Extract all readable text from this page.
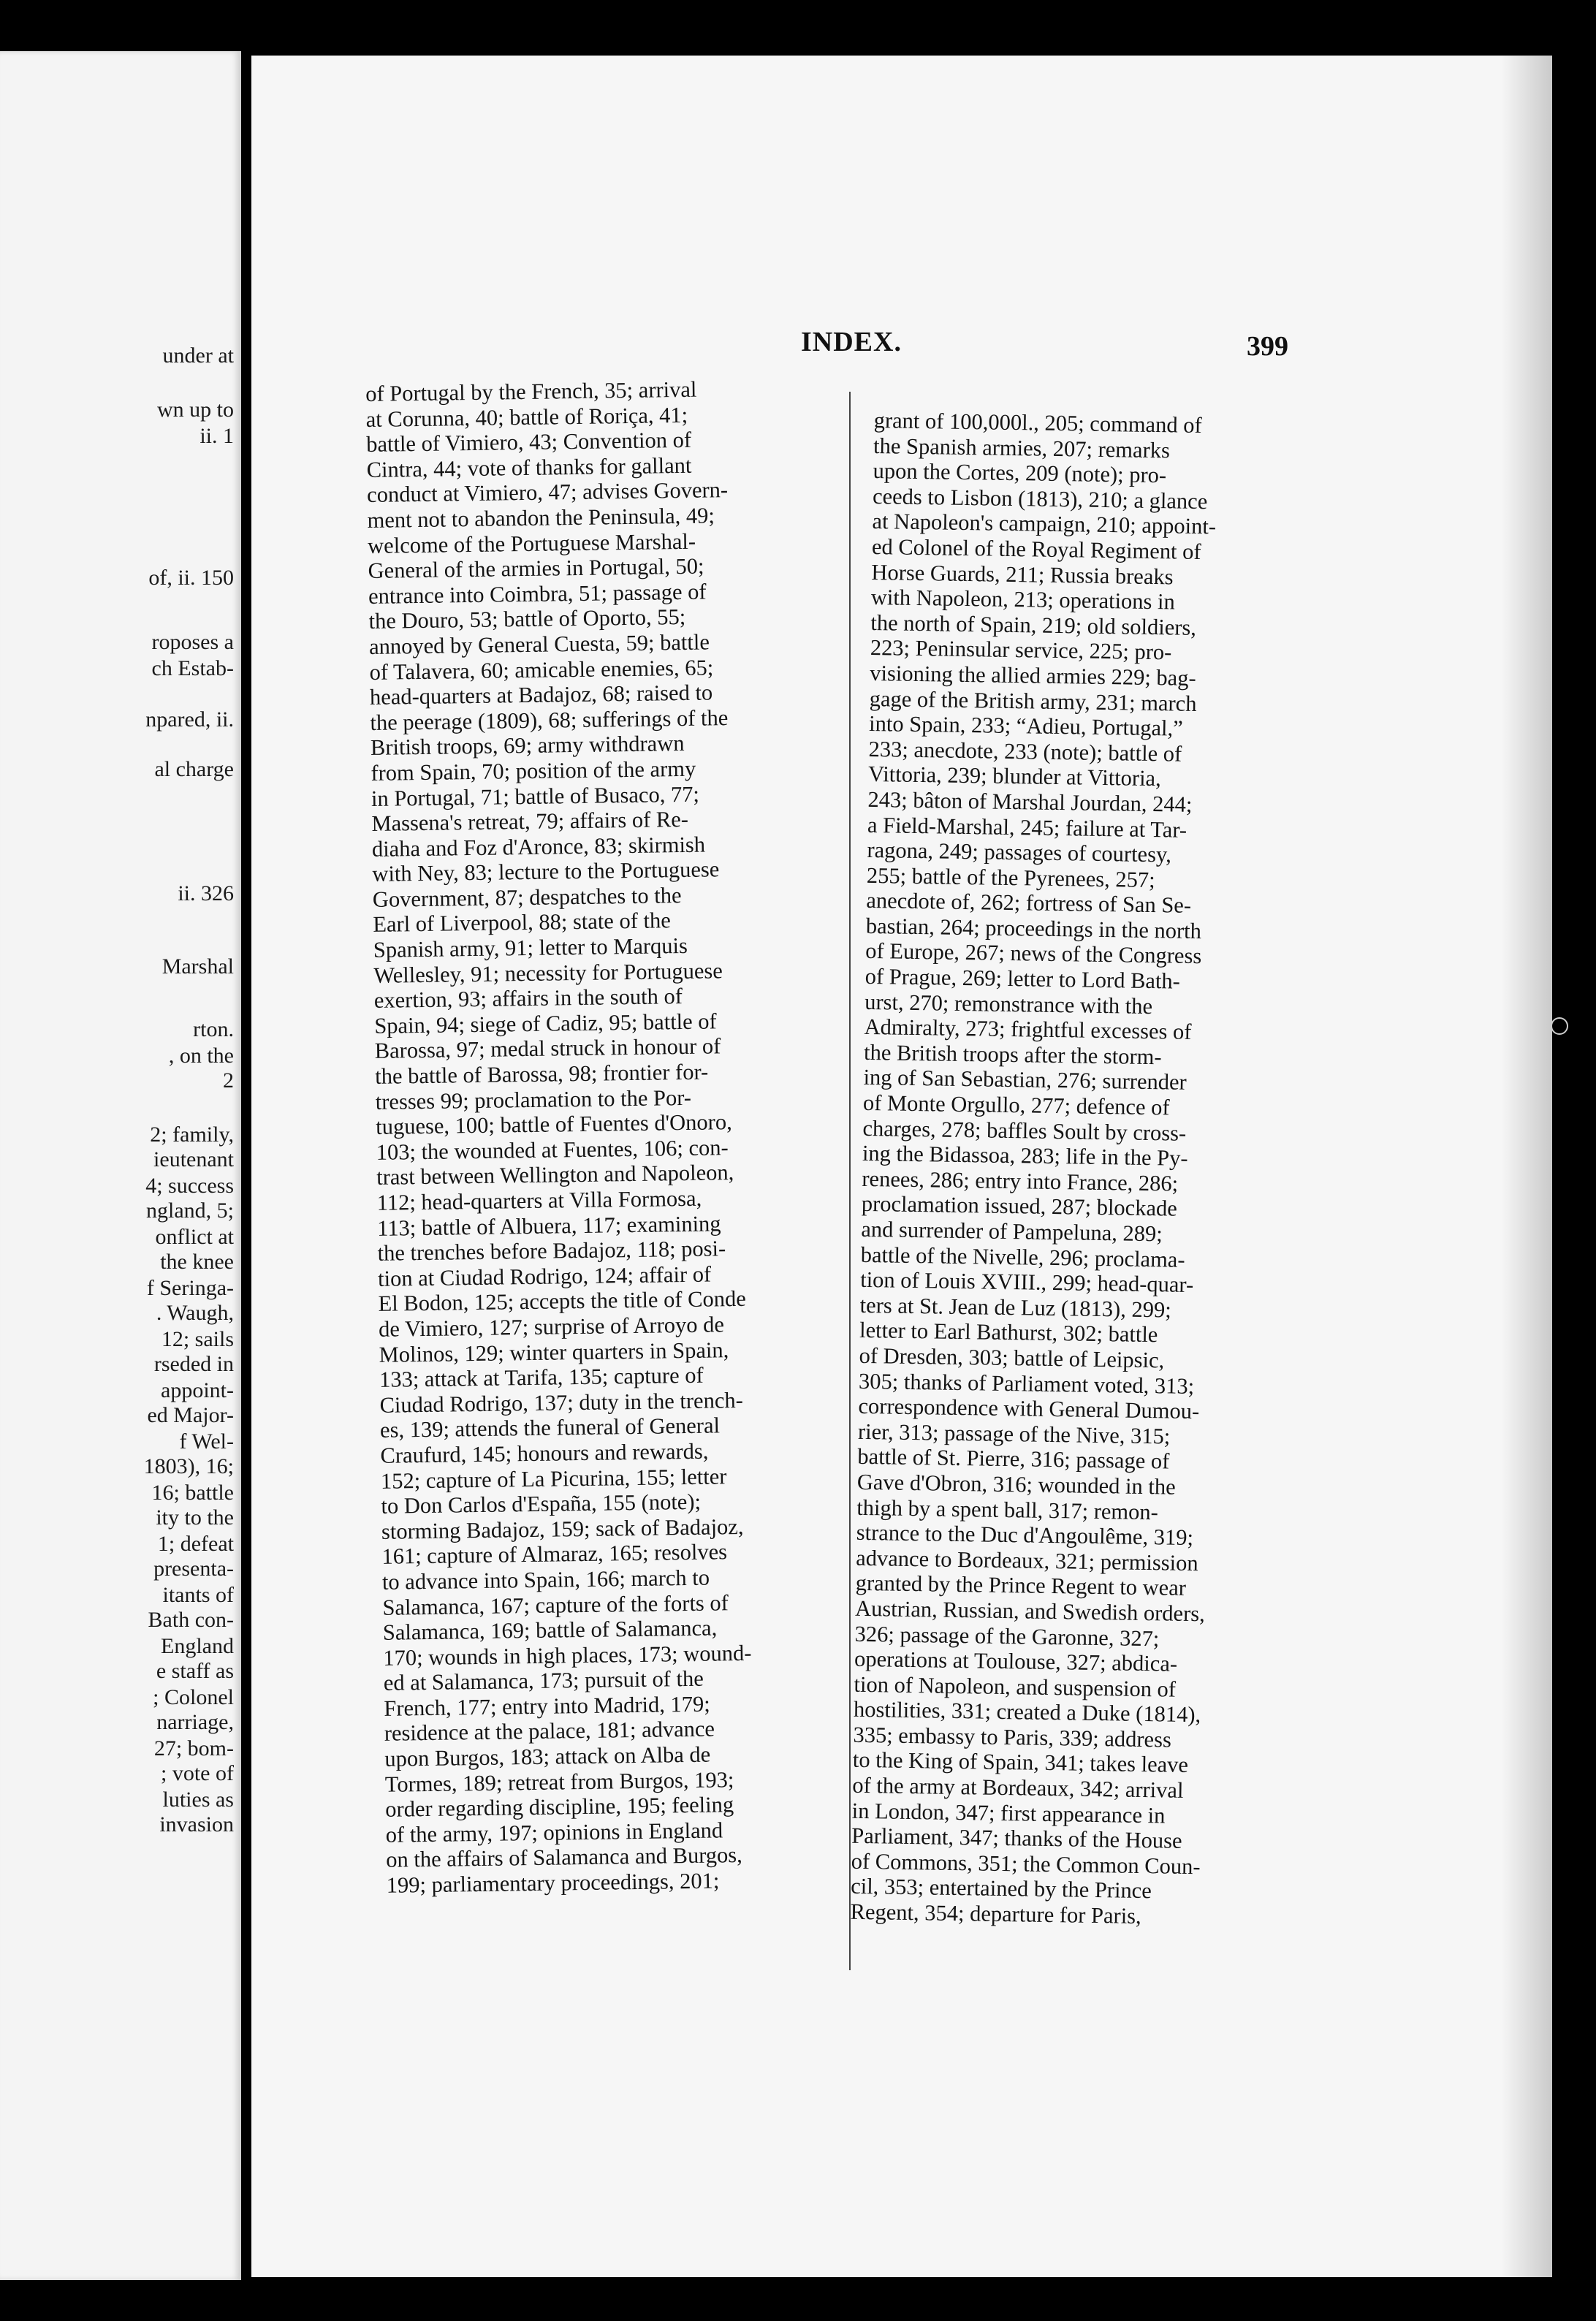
under at
wn up to
ii. 1
of, ii. 150
roposes a
ch Estab-
npared, ii.
al charge
ii. 326
Marshal
rton.
, on the
2
2; family,
ieutenant
4; success
ngland, 5;
onflict at
the knee
f Seringa-
. Waugh,
12; sails
rseded in
appoint-
ed Major-
f Wel-
1803), 16;
16; battle
ity to the
1; defeat
presenta-
itants of
Bath con-
England
e staff as
; Colonel
narriage,
27; bom-
; vote of
luties as
invasion
INDEX.	399
of Portugal by the French, 35; arrival
at Corunna, 40; battle of Roriça, 41;
battle of Vimiero, 43; Convention of
Cintra, 44; vote of thanks for gallant
conduct at Vimiero, 47; advises Govern-
ment not to abandon the Peninsula, 49;
welcome of the Portuguese Marshal-
General of the armies in Portugal, 50;
entrance into Coimbra, 51; passage of
the Douro, 53; battle of Oporto, 55;
annoyed by General Cuesta, 59; battle
of Talavera, 60; amicable enemies, 65;
head-quarters at Badajoz, 68; raised to
the peerage (1809), 68; sufferings of the
British troops, 69; army withdrawn
from Spain, 70; position of the army
in Portugal, 71; battle of Busaco, 77;
Massena's retreat, 79; affairs of Re-
diaha and Foz d'Aronce, 83; skirmish
with Ney, 83; lecture to the Portuguese
Government, 87; despatches to the
Earl of Liverpool, 88; state of the
Spanish army, 91; letter to Marquis
Wellesley, 91; necessity for Portuguese
exertion, 93; affairs in the south of
Spain, 94; siege of Cadiz, 95; battle of
Barossa, 97; medal struck in honour of
the battle of Barossa, 98; frontier for-
tresses 99; proclamation to the Por-
tuguese, 100; battle of Fuentes d'Onoro,
103; the wounded at Fuentes, 106; con-
trast between Wellington and Napoleon,
112; head-quarters at Villa Formosa,
113; battle of Albuera, 117; examining
the trenches before Badajoz, 118; posi-
tion at Ciudad Rodrigo, 124; affair of
El Bodon, 125; accepts the title of Conde
de Vimiero, 127; surprise of Arroyo de
Molinos, 129; winter quarters in Spain,
133; attack at Tarifa, 135; capture of
Ciudad Rodrigo, 137; duty in the trench-
es, 139; attends the funeral of General
Craufurd, 145; honours and rewards,
152; capture of La Picurina, 155; letter
to Don Carlos d'España, 155 (note);
storming Badajoz, 159; sack of Badajoz,
161; capture of Almaraz, 165; resolves
to advance into Spain, 166; march to
Salamanca, 167; capture of the forts of
Salamanca, 169; battle of Salamanca,
170; wounds in high places, 173; wound-
ed at Salamanca, 173; pursuit of the
French, 177; entry into Madrid, 179;
residence at the palace, 181; advance
upon Burgos, 183; attack on Alba de
Tormes, 189; retreat from Burgos, 193;
order regarding discipline, 195; feeling
of the army, 197; opinions in England
on the affairs of Salamanca and Burgos,
199; parliamentary proceedings, 201;
grant of 100,000l., 205; command of
the Spanish armies, 207; remarks
upon the Cortes, 209 (note); pro-
ceeds to Lisbon (1813), 210; a glance
at Napoleon's campaign, 210; appoint-
ed Colonel of the Royal Regiment of
Horse Guards, 211; Russia breaks
with Napoleon, 213; operations in
the north of Spain, 219; old soldiers,
223; Peninsular service, 225; pro-
visioning the allied armies 229; bag-
gage of the British army, 231; march
into Spain, 233; “Adieu, Portugal,”
233; anecdote, 233 (note); battle of
Vittoria, 239; blunder at Vittoria,
243; bâton of Marshal Jourdan, 244;
a Field-Marshal, 245; failure at Tar-
ragona, 249; passages of courtesy,
255; battle of the Pyrenees, 257;
anecdote of, 262; fortress of San Se-
bastian, 264; proceedings in the north
of Europe, 267; news of the Congress
of Prague, 269; letter to Lord Bath-
urst, 270; remonstrance with the
Admiralty, 273; frightful excesses of
the British troops after the storm-
ing of San Sebastian, 276; surrender
of Monte Orgullo, 277; defence of
charges, 278; baffles Soult by cross-
ing the Bidassoa, 283; life in the Py-
renees, 286; entry into France, 286;
proclamation issued, 287; blockade
and surrender of Pampeluna, 289;
battle of the Nivelle, 296; proclama-
tion of Louis XVIII., 299; head-quar-
ters at St. Jean de Luz (1813), 299;
letter to Earl Bathurst, 302; battle
of Dresden, 303; battle of Leipsic,
305; thanks of Parliament voted, 313;
correspondence with General Dumou-
rier, 313; passage of the Nive, 315;
battle of St. Pierre, 316; passage of
Gave d'Obron, 316; wounded in the
thigh by a spent ball, 317; remon-
strance to the Duc d'Angoulême, 319;
advance to Bordeaux, 321; permission
granted by the Prince Regent to wear
Austrian, Russian, and Swedish orders,
326; passage of the Garonne, 327;
operations at Toulouse, 327; abdica-
tion of Napoleon, and suspension of
hostilities, 331; created a Duke (1814),
335; embassy to Paris, 339; address
to the King of Spain, 341; takes leave
of the army at Bordeaux, 342; arrival
in London, 347; first appearance in
Parliament, 347; thanks of the House
of Commons, 351; the Common Coun-
cil, 353; entertained by the Prince
Regent, 354; departure for Paris,
